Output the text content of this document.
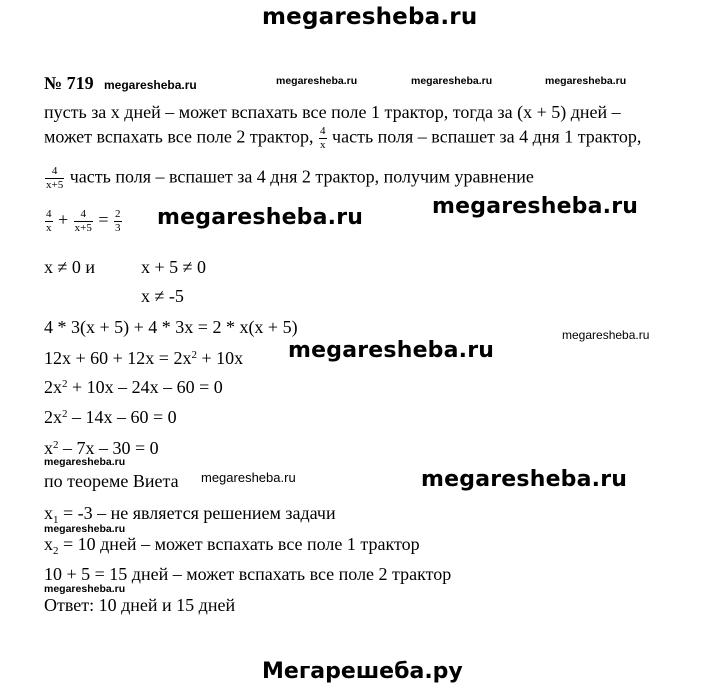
megaresheba.ru
№ 719 megaresheba.ru	megaresheba.ru	megaresheba.ru	megaresheba.ru
пусть за x дней – может вспахать все поле 1 трактор, тогда за (x + 5) дней –
может вспахать все поле 2 трактор, $\frac{4}{x}$ часть поля – вспашет за 4 дня 1 трактор,
$\frac{4}{x+5}$ часть поля – вспашет за 4 дня 2 трактор, получим уравнение
$\frac{4}{x} + \frac{4}{x+5} = \frac{2}{3}$ megaresheba.ru	megaresheba.ru
x ≠ 0 и	x + 5 ≠ 0
x ≠ -5
4 * 3(x + 5) + 4 * 3x = 2 * x(x + 5)	megaresheba.ru
$12x + 60 + 12x = 2x^2 + 10x$ megaresheba.ru
$2x^2 + 10x - 24x - 60 = 0$
$2x^2 - 14x - 60 = 0$
$x^2 - 7x - 30 = 0$
megaresheba.ru
по теореме Виета megaresheba.ru	megaresheba.ru
$x_1 = -3$ – не является решением задачи
megaresheba.ru
$x_2 = 10$ дней – может вспахать все поле 1 трактор
10 + 5 = 15 дней – может вспахать все поле 2 трактор
megaresheba.ru
Ответ: 10 дней и 15 дней
Мегарешеба.ру
